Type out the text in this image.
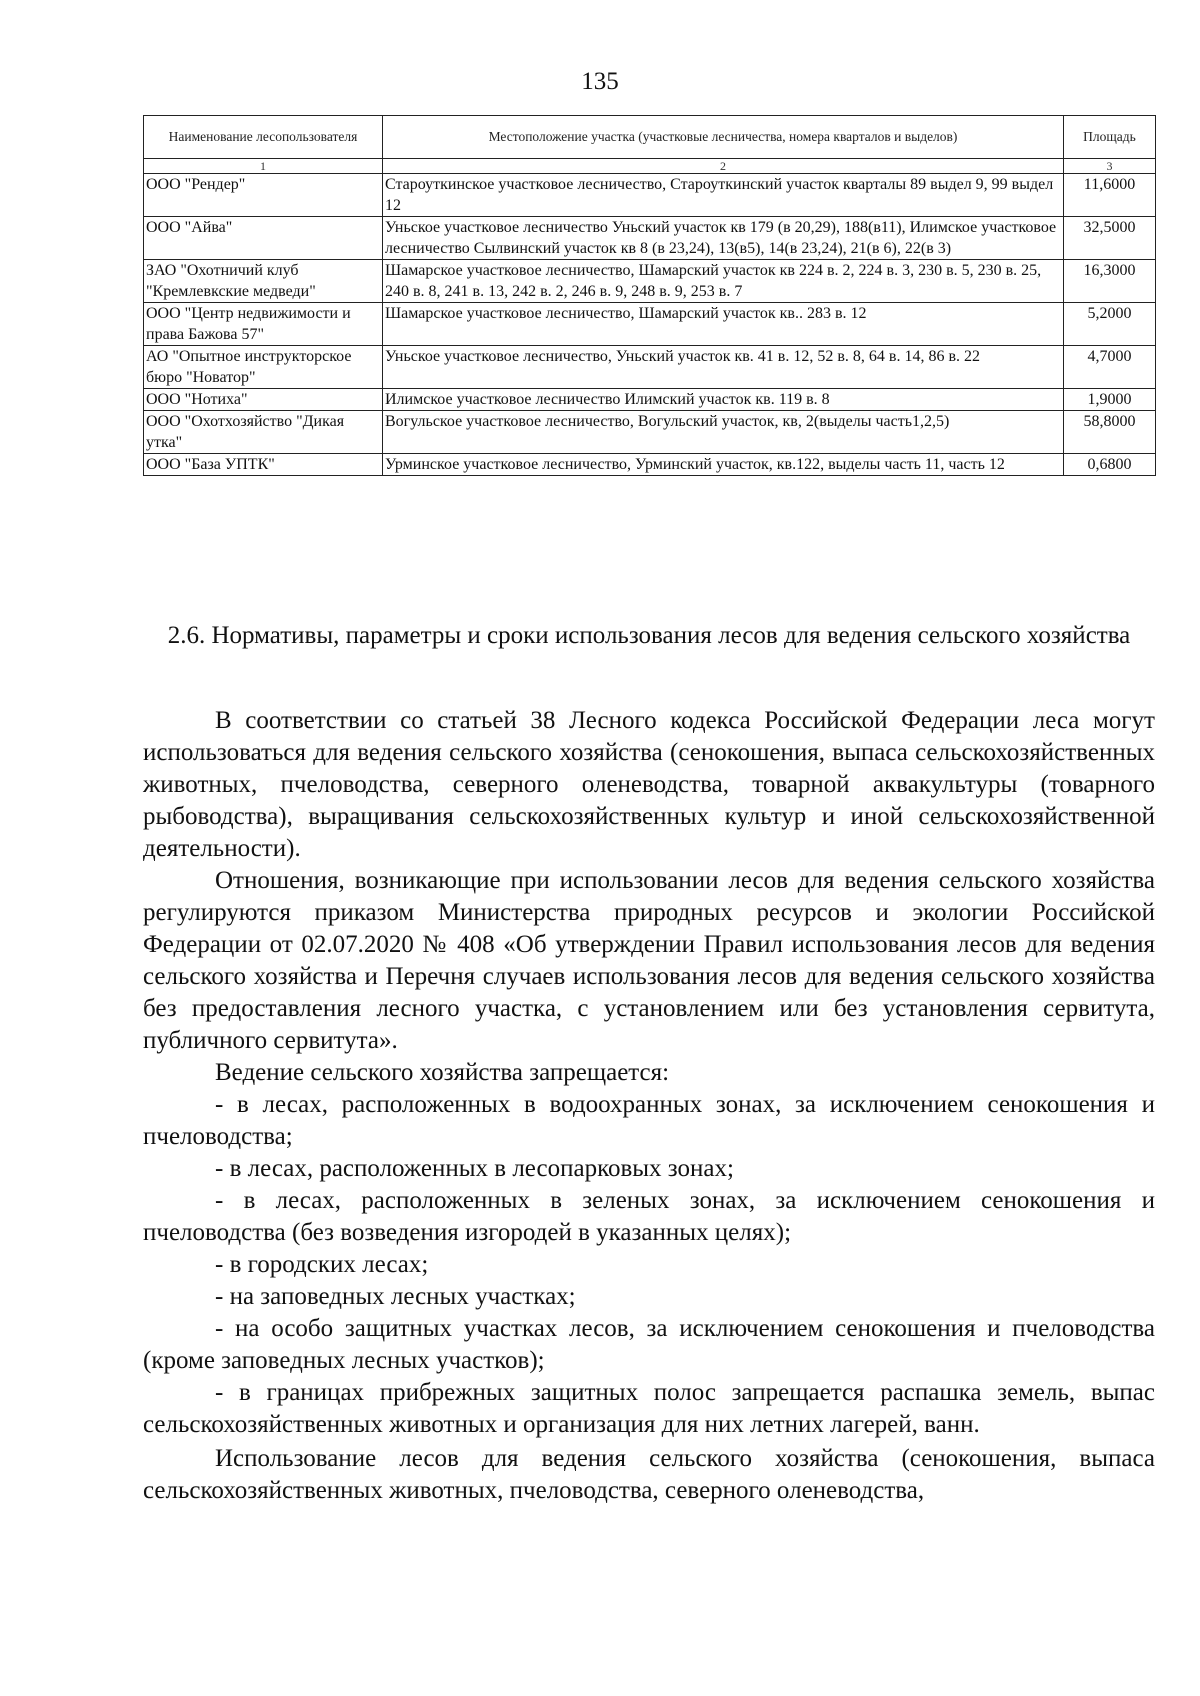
135
Наименование лесопользователя	Местоположение участка (участковые лесничества, номера кварталов и выделов)	Площадь
1	2	3
ООО "Рендер"	Староуткинское участковое лесничество, Староуткинский участок кварталы 89 выдел 9, 99 выдел 12	11,6000
ООО "Айва"	Уньское участковое лесничество Уньский участок кв 179 (в 20,29), 188(в11), Илимское участковое лесничество Сылвинский участок кв 8 (в 23,24), 13(в5), 14(в 23,24), 21(в 6), 22(в 3)	32,5000
ЗАО "Охотничий клуб "Кремлевкские медведи"	Шамарское участковое лесничество, Шамарский участок кв 224 в. 2, 224 в. 3, 230 в. 5, 230 в. 25, 240 в. 8, 241 в. 13, 242 в. 2, 246 в. 9, 248 в. 9, 253 в. 7	16,3000
ООО "Центр недвижимости и права Бажова 57"	Шамарское участковое лесничество, Шамарский участок кв.. 283 в. 12	5,2000
АО "Опытное инструкторское бюро "Новатор"	Уньское участковое лесничество, Уньский участок кв. 41 в. 12, 52 в. 8, 64 в. 14, 86 в. 22	4,7000
ООО "Нотиха"	Илимское участковое лесничество Илимский участок кв. 119 в. 8	1,9000
ООО "Охотхозяйство "Дикая утка"	Вогульское участковое лесничество, Вогульский участок, кв, 2(выделы часть1,2,5)	58,8000
ООО "База УПТК"	Урминское участковое лесничество, Урминский участок, кв.122, выделы часть 11, часть 12	0,6800
2.6. Нормативы, параметры и сроки использования лесов для ведения сельского хозяйства

В соответствии со статьей 38 Лесного кодекса Российской Федерации леса могут использоваться для ведения сельского хозяйства (сенокошения, выпаса сельскохозяйственных животных, пчеловодства, северного оленеводства, товарной аквакультуры (товарного рыбоводства), выращивания сельскохозяйственных культур и иной сельскохозяйственной деятельности).

Отношения, возникающие при использовании лесов для ведения сельского хозяйства регулируются приказом Министерства природных ресурсов и экологии Российской Федерации от 02.07.2020 № 408 «Об утверждении Правил использования лесов для ведения сельского хозяйства и Перечня случаев использования лесов для ведения сельского хозяйства без предоставления лесного участка, с установлением или без установления сервитута, публичного сервитута».

Ведение сельского хозяйства запрещается:

- в лесах, расположенных в водоохранных зонах, за исключением сенокошения и пчеловодства;

- в лесах, расположенных в лесопарковых зонах;

- в лесах, расположенных в зеленых зонах, за исключением сенокошения и пчеловодства (без возведения изгородей в указанных целях);

- в городских лесах;

- на заповедных лесных участках;

- на особо защитных участках лесов, за исключением сенокошения и пчеловодства (кроме заповедных лесных участков);

- в границах прибрежных защитных полос запрещается распашка земель, выпас сельскохозяйственных животных и организация для них летних лагерей, ванн.

Использование лесов для ведения сельского хозяйства (сенокошения, выпаса сельскохозяйственных животных, пчеловодства, северного оленеводства,
